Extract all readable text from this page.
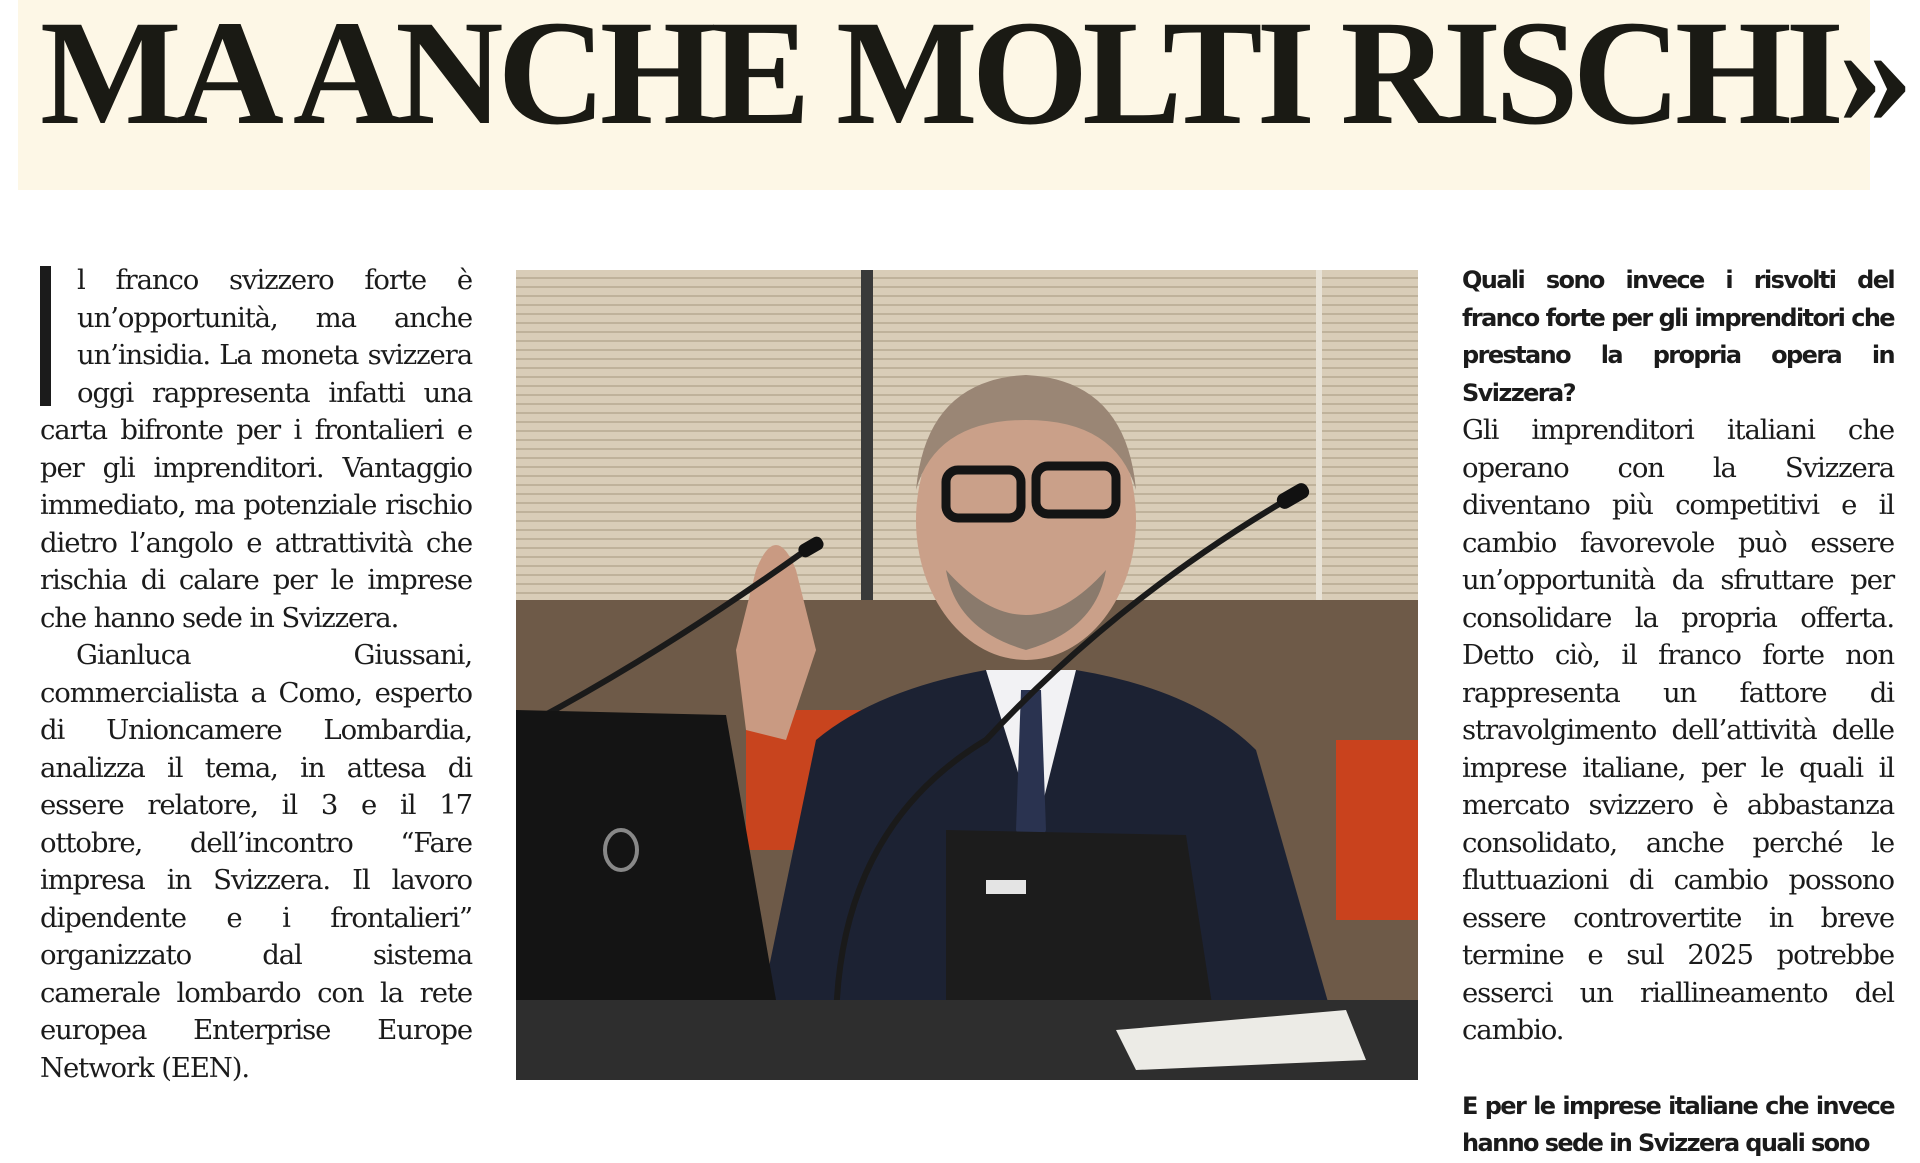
MA ANCHE MOLTI RISCHI»

l franco svizzero forte è un’opportunità, ma anche un’insidia. La moneta svizzera oggi rappresenta infatti una carta bifronte per i frontalieri e per gli imprenditori. Vantaggio immediato, ma potenziale rischio dietro l’angolo e attrattività che rischia di calare per le imprese che hanno sede in Svizzera.

Gianluca Giussani, commercialista a Como, esperto di Unioncamere Lombardia, analizza il tema, in attesa di essere relatore, il 3 e il 17 ottobre, dell’incontro “Fare impresa in Svizzera. Il lavoro dipendente e i frontalieri” organizzato dal sistema camerale lombardo con la rete europea Enterprise Europe Network (EEN).

Quali sono invece i risvolti del franco forte per gli imprenditori che prestano la propria opera in Svizzera?

Gli imprenditori italiani che operano con la Svizzera diventano più competitivi e il cambio favorevole può essere un’opportunità da sfruttare per consolidare la propria offerta. Detto ciò, il franco forte non rappresenta un fattore di stravolgimento dell’attività delle imprese italiane, per le quali il mercato svizzero è abbastanza consolidato, anche perché le fluttuazioni di cambio possono essere controvertite in breve termine e sul 2025 potrebbe esserci un riallineamento del cambio.

E per le imprese italiane che invece hanno sede in Svizzera quali sono
